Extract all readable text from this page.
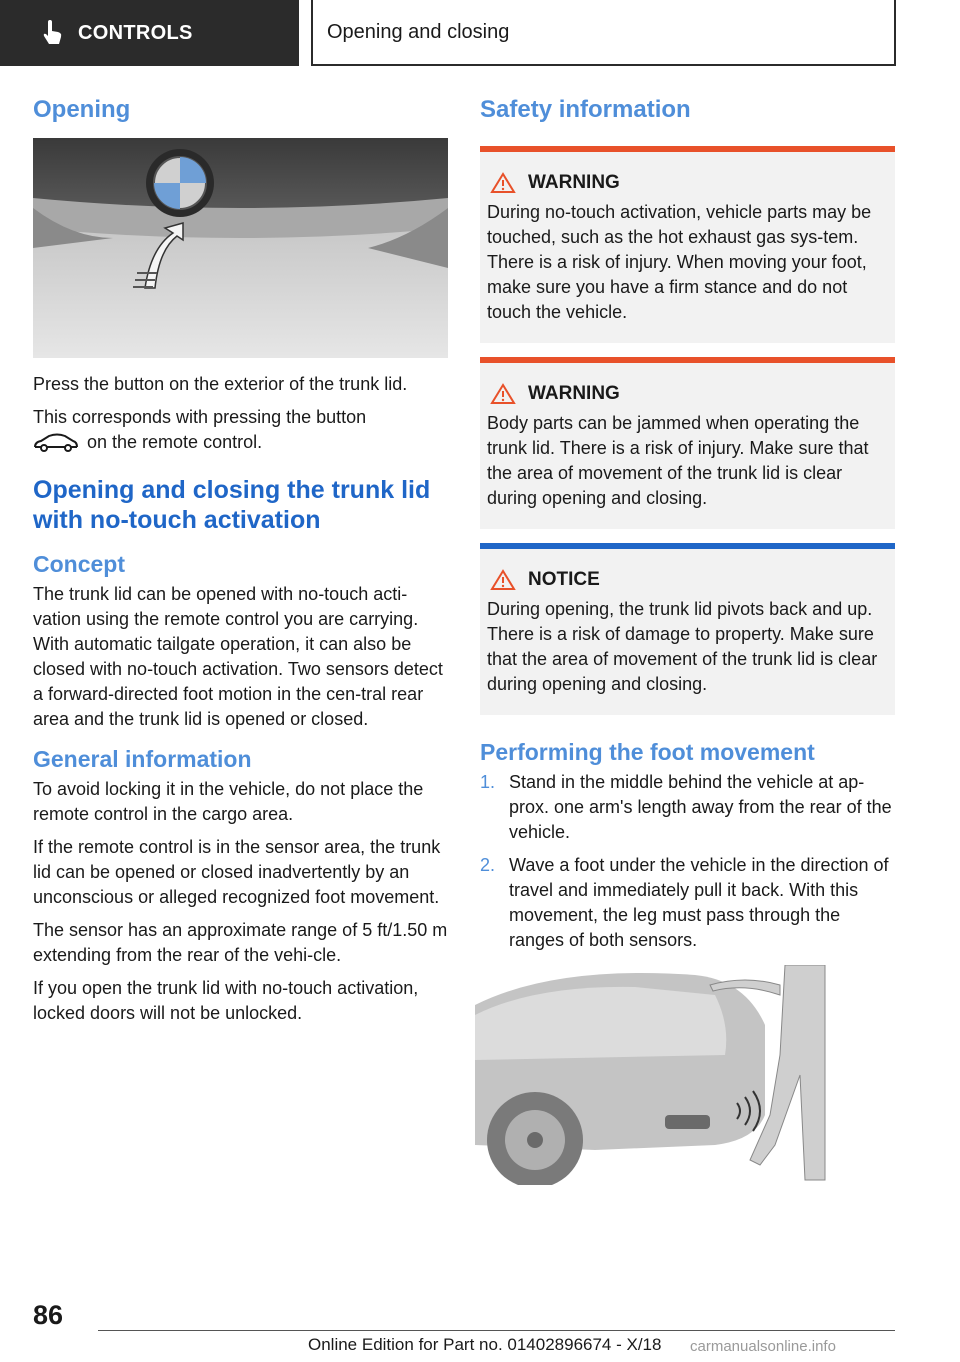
CONTROLS	Opening and closing
Opening

Press the button on the exterior of the trunk lid.

This corresponds with pressing the button
on the remote control.

Opening and closing the trunk lid with no-touch activation
Concept

The trunk lid can be opened with no-touch acti‐vation using the remote control you are carrying. With automatic tailgate operation, it can also be closed with no-touch activation. Two sensors detect a forward-directed foot motion in the cen‐tral rear area and the trunk lid is opened or closed.

General information

To avoid locking it in the vehicle, do not place the remote control in the cargo area.

If the remote control is in the sensor area, the trunk lid can be opened or closed inadvertently by an unconscious or alleged recognized foot movement.

The sensor has an approximate range of 5 ft/1.50 m extending from the rear of the vehi‐cle.

If you open the trunk lid with no-touch activation, locked doors will not be unlocked.

Safety information
WARNING
During no-touch activation, vehicle parts may be touched, such as the hot exhaust gas sys‐tem. There is a risk of injury. When moving your foot, make sure you have a firm stance and do not touch the vehicle.
WARNING
Body parts can be jammed when operating the trunk lid. There is a risk of injury. Make sure that the area of movement of the trunk lid is clear during opening and closing.
NOTICE
During opening, the trunk lid pivots back and up. There is a risk of damage to property. Make sure that the area of movement of the trunk lid is clear during opening and closing.
Performing the foot movement
1. Stand in the middle behind the vehicle at ap‐prox. one arm's length away from the rear of the vehicle.
2. Wave a foot under the vehicle in the direction of travel and immediately pull it back. With this movement, the leg must pass through the ranges of both sensors.
86
Online Edition for Part no. 01402896674 - X/18 carmanualsonline.info
